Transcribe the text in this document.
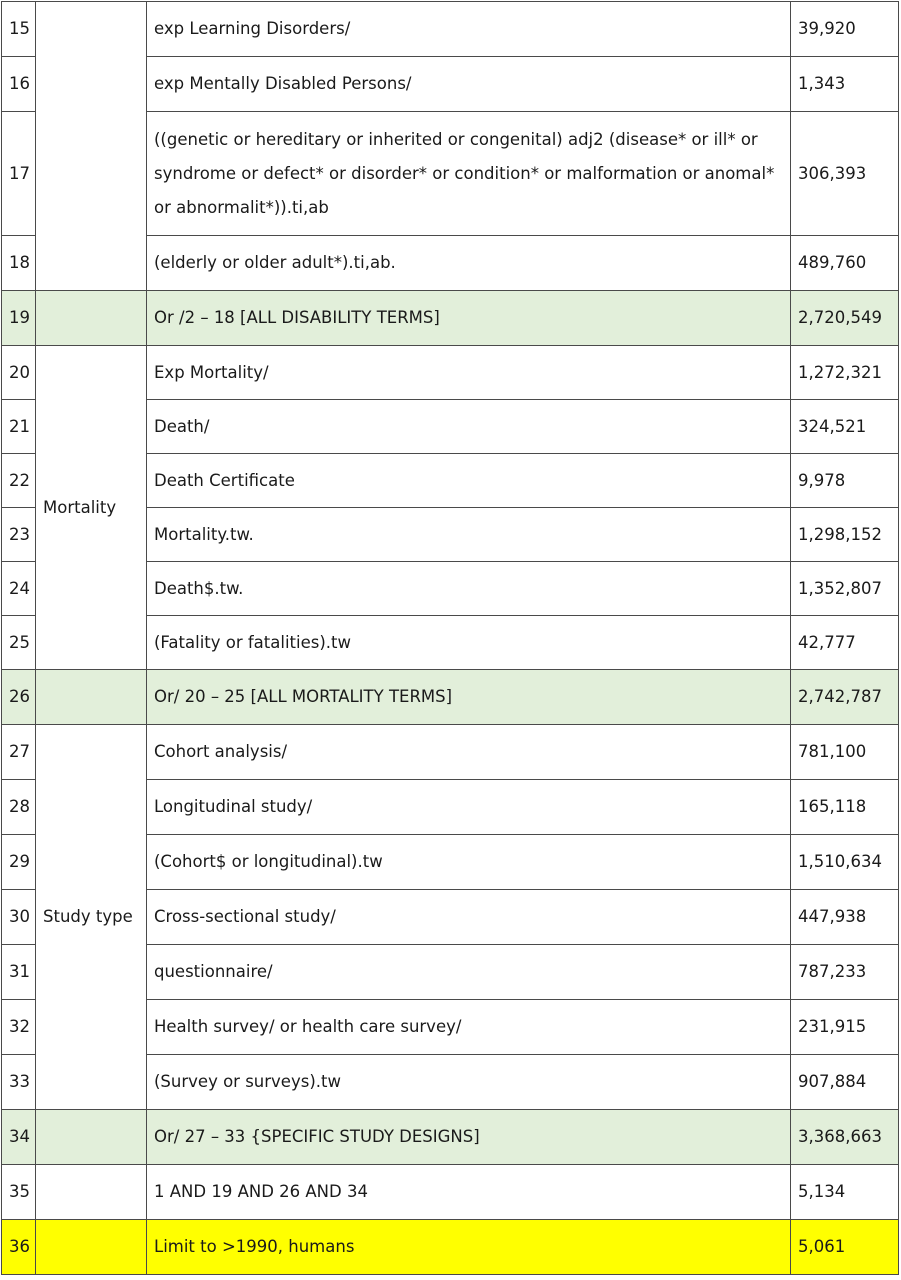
15		exp Learning Disorders/	39,920
16		exp Mentally Disabled Persons/	1,343
17		((genetic or hereditary or inherited or congenital) adj2 (disease* or ill* or syndrome or defect* or disorder* or condition* or malformation or anomal* or abnormalit*)).ti,ab	306,393
18		(elderly or older adult*).ti,ab.	489,760
19		Or /2 – 18 [ALL DISABILITY TERMS]	2,720,549
20	Mortality	Exp Mortality/	1,272,321
21		Death/	324,521
22		Death Certificate	9,978
23		Mortality.tw.	1,298,152
24		Death$.tw.	1,352,807
25		(Fatality or fatalities).tw	42,777
26		Or/ 20 – 25 [ALL MORTALITY TERMS]	2,742,787
27	Study type	Cohort analysis/	781,100
28		Longitudinal study/	165,118
29		(Cohort$ or longitudinal).tw	1,510,634
30		Cross-sectional study/	447,938
31		questionnaire/	787,233
32		Health survey/ or health care survey/	231,915
33		(Survey or surveys).tw	907,884
34		Or/ 27 – 33 {SPECIFIC STUDY DESIGNS]	3,368,663
35		1 AND 19 AND 26 AND 34	5,134
36		Limit to >1990, humans	5,061
